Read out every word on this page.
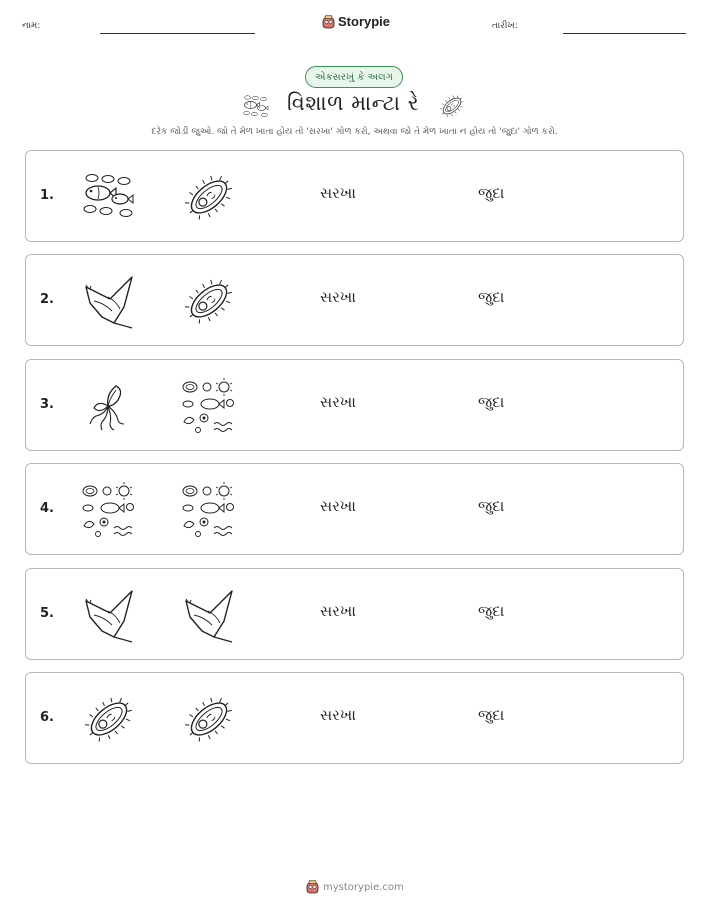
નામ:	Storypie	તારીખ:
એકસરખું કે અલગ
વિશાળ માન્ટા રે
દરેક જોડી જુઓ. જો તે મેળ ખાતા હોય તો 'સરખા' ગોળ કરો, અથવા જો તે મેળ ખાતા ન હોય તો 'જુદા' ગોળ કરો.
1.	સરખા	જુદા
2.	સરખા	જુદા
3.	સરખા	જુદા
4.	સરખા	જુદા
5.	સરખા	જુદા
6.	સરખા	જુદા
mystorypie.com
